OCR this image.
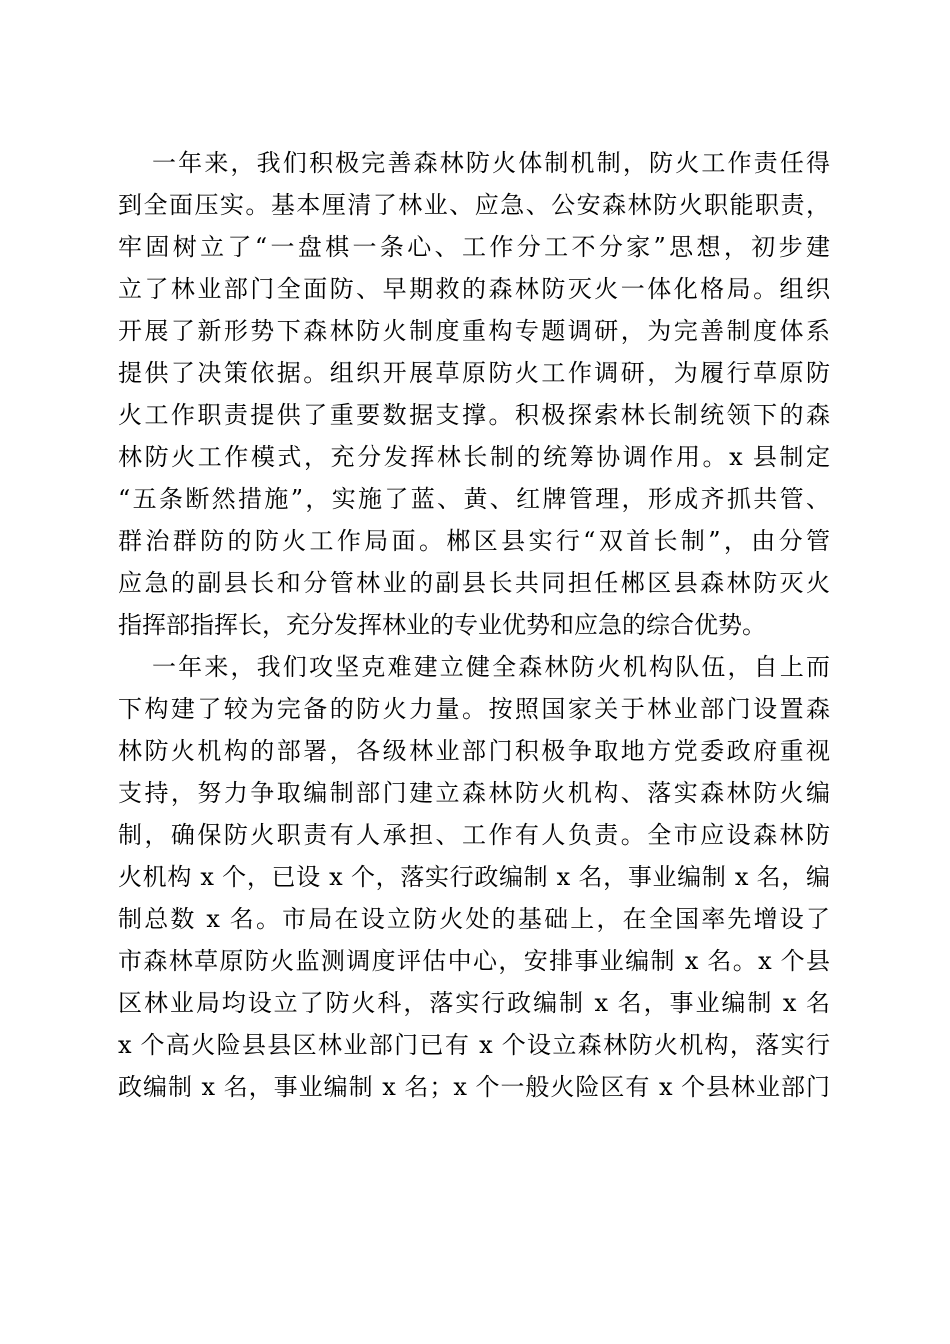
一年来，我们积极完善森林防火体制机制，防火工作责任得
到全面压实。基本厘清了林业、应急、公安森林防火职能职责，
牢固树立了“一盘棋一条心、工作分工不分家”思想，初步建
立了林业部门全面防、早期救的森林防灭火一体化格局。组织
开展了新形势下森林防火制度重构专题调研，为完善制度体系
提供了决策依据。组织开展草原防火工作调研，为履行草原防
火工作职责提供了重要数据支撑。积极探索林长制统领下的森
林防火工作模式，充分发挥林长制的统筹协调作用。x 县制定
“五条断然措施”，实施了蓝、黄、红牌管理，形成齐抓共管、
群治群防的防火工作局面。郴区县实行“双首长制”，由分管
应急的副县长和分管林业的副县长共同担任郴区县森林防灭火
指挥部指挥长，充分发挥林业的专业优势和应急的综合优势。
一年来，我们攻坚克难建立健全森林防火机构队伍，自上而
下构建了较为完备的防火力量。按照国家关于林业部门设置森
林防火机构的部署，各级林业部门积极争取地方党委政府重视
支持，努力争取编制部门建立森林防火机构、落实森林防火编
制，确保防火职责有人承担、工作有人负责。全市应设森林防
火机构 x 个，已设 x 个，落实行政编制 x 名，事业编制 x 名，编
制总数 x 名。市局在设立防火处的基础上，在全国率先增设了
市森林草原防火监测调度评估中心，安排事业编制 x 名。x 个县
区林业局均设立了防火科，落实行政编制 x 名，事业编制 x 名
x 个高火险县县区林业部门已有 x 个设立森林防火机构，落实行
政编制 x 名，事业编制 x 名；x 个一般火险区有 x 个县林业部门
